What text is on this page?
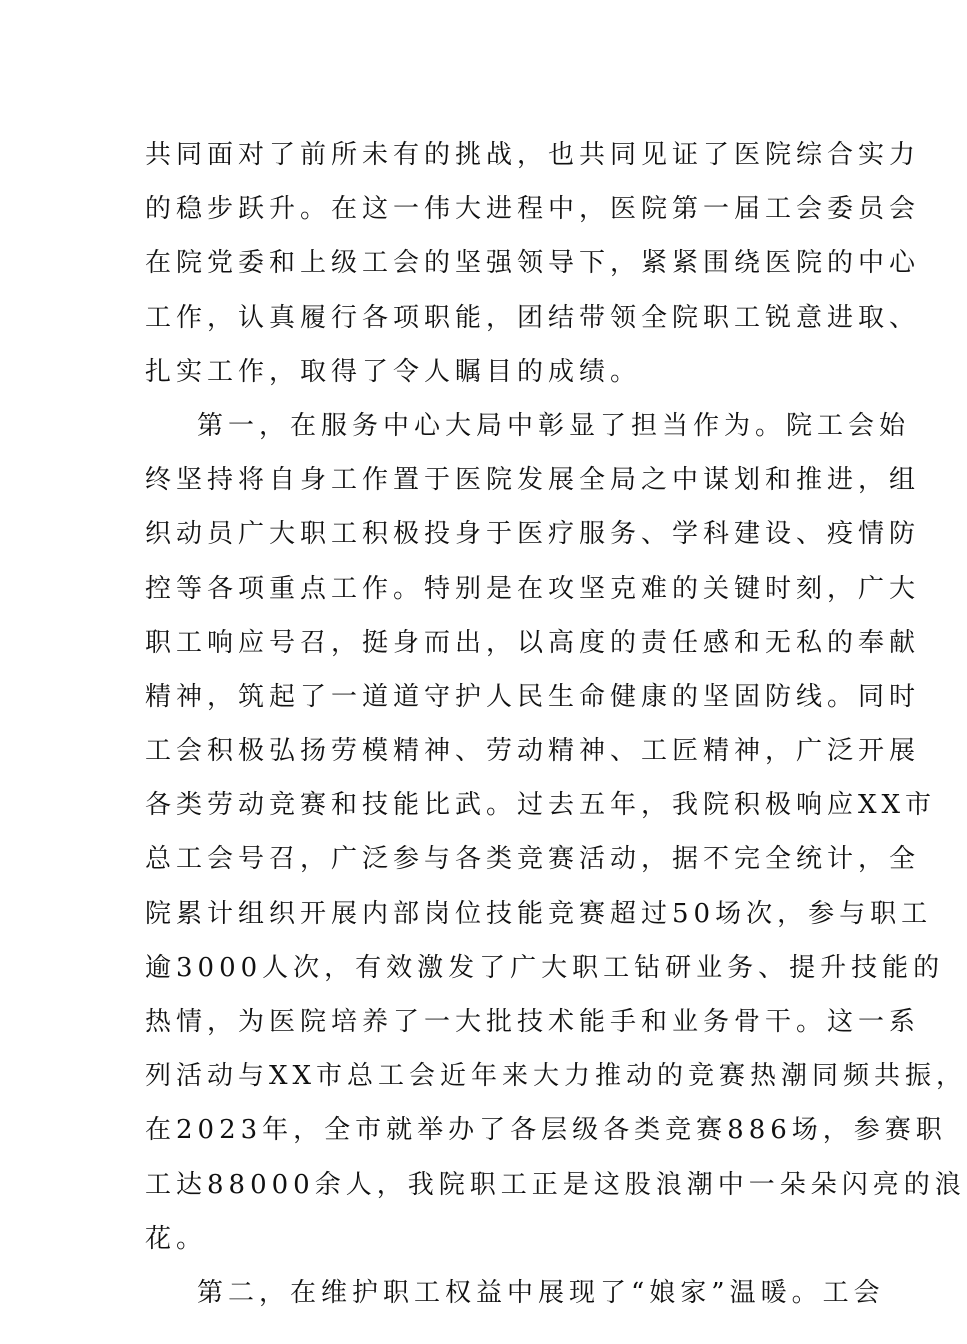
共同面对了前所未有的挑战，也共同见证了医院综合实力
的稳步跃升。在这一伟大进程中，医院第一届工会委员会
在院党委和上级工会的坚强领导下，紧紧围绕医院的中心
工作，认真履行各项职能，团结带领全院职工锐意进取、
扎实工作，取得了令人瞩目的成绩。
第一，在服务中心大局中彰显了担当作为。院工会始
终坚持将自身工作置于医院发展全局之中谋划和推进，组
织动员广大职工积极投身于医疗服务、学科建设、疫情防
控等各项重点工作。特别是在攻坚克难的关键时刻，广大
职工响应号召，挺身而出，以高度的责任感和无私的奉献
精神，筑起了一道道守护人民生命健康的坚固防线。同时
工会积极弘扬劳模精神、劳动精神、工匠精神，广泛开展
各类劳动竞赛和技能比武。过去五年，我院积极响应XX市
总工会号召，广泛参与各类竞赛活动，据不完全统计，全
院累计组织开展内部岗位技能竞赛超过50场次，参与职工
逾3000人次，有效激发了广大职工钻研业务、提升技能的
热情，为医院培养了一大批技术能手和业务骨干。这一系
列活动与XX市总工会近年来大力推动的竞赛热潮同频共振，
在2023年，全市就举办了各层级各类竞赛886场，参赛职
工达88000余人，我院职工正是这股浪潮中一朵朵闪亮的浪
花。
第二，在维护职工权益中展现了“娘家”温暖。工会
